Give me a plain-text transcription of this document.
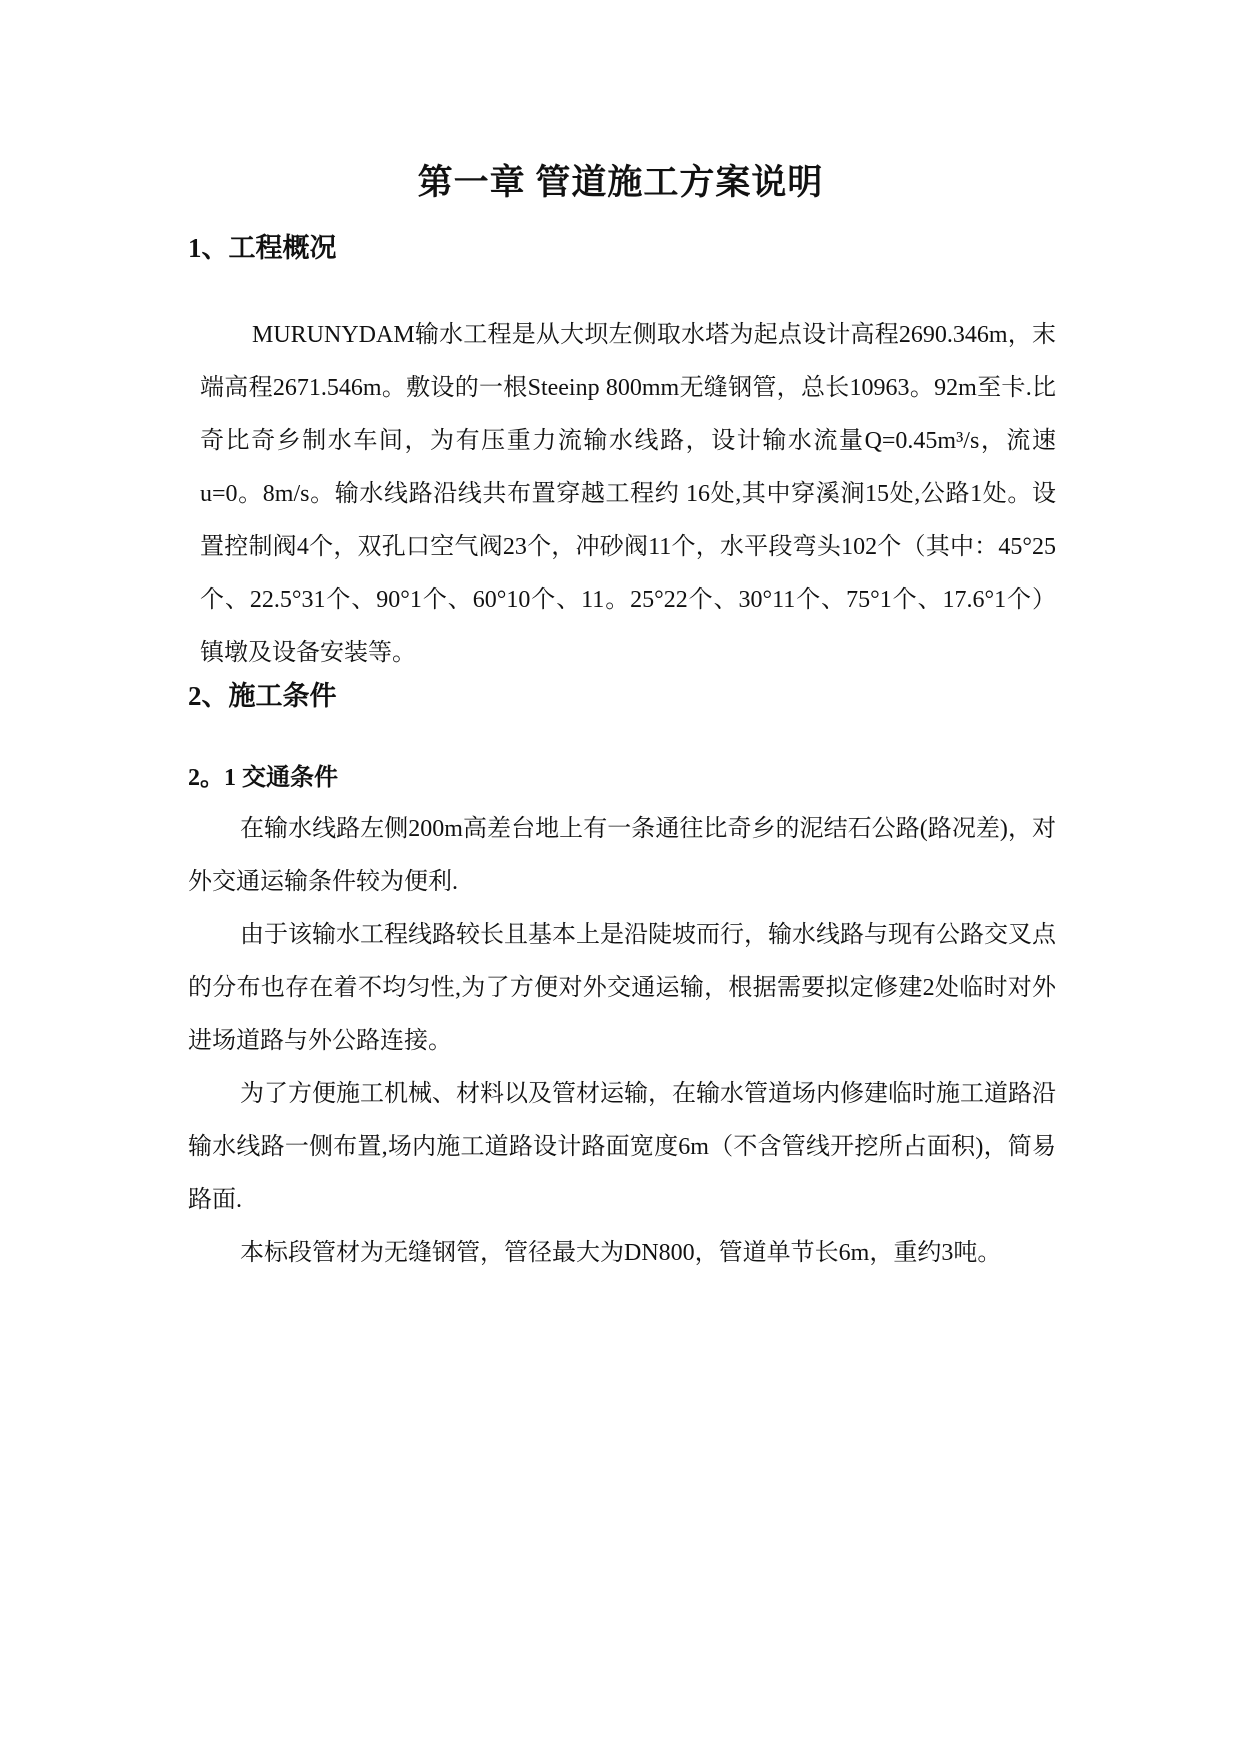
第一章 管道施工方案说明
1、工程概况

MURUNYDAM输水工程是从大坝左侧取水塔为起点设计高程2690.346m，末端高程2671.546m。敷设的一根Steeinp 800mm无缝钢管，总长10963。92m至卡.比奇比奇乡制水车间，为有压重力流输水线路，设计输水流量Q=0.45m³/s，流速u=0。8m/s。输水线路沿线共布置穿越工程约 16处,其中穿溪涧15处,公路1处。设置控制阀4个，双孔口空气阀23个，冲砂阀11个，水平段弯头102个（其中：45°25个、22.5°31个、90°1个、60°10个、11。25°22个、30°11个、75°1个、17.6°1个）镇墩及设备安装等。

2、施工条件
2。1 交通条件

在输水线路左侧200m高差台地上有一条通往比奇乡的泥结石公路(路况差)，对外交通运输条件较为便利.

由于该输水工程线路较长且基本上是沿陡坡而行，输水线路与现有公路交叉点的分布也存在着不均匀性,为了方便对外交通运输，根据需要拟定修建2处临时对外进场道路与外公路连接。

为了方便施工机械、材料以及管材运输，在输水管道场内修建临时施工道路沿输水线路一侧布置,场内施工道路设计路面宽度6m（不含管线开挖所占面积)，简易路面.

本标段管材为无缝钢管，管径最大为DN800，管道单节长6m，重约3吨。
